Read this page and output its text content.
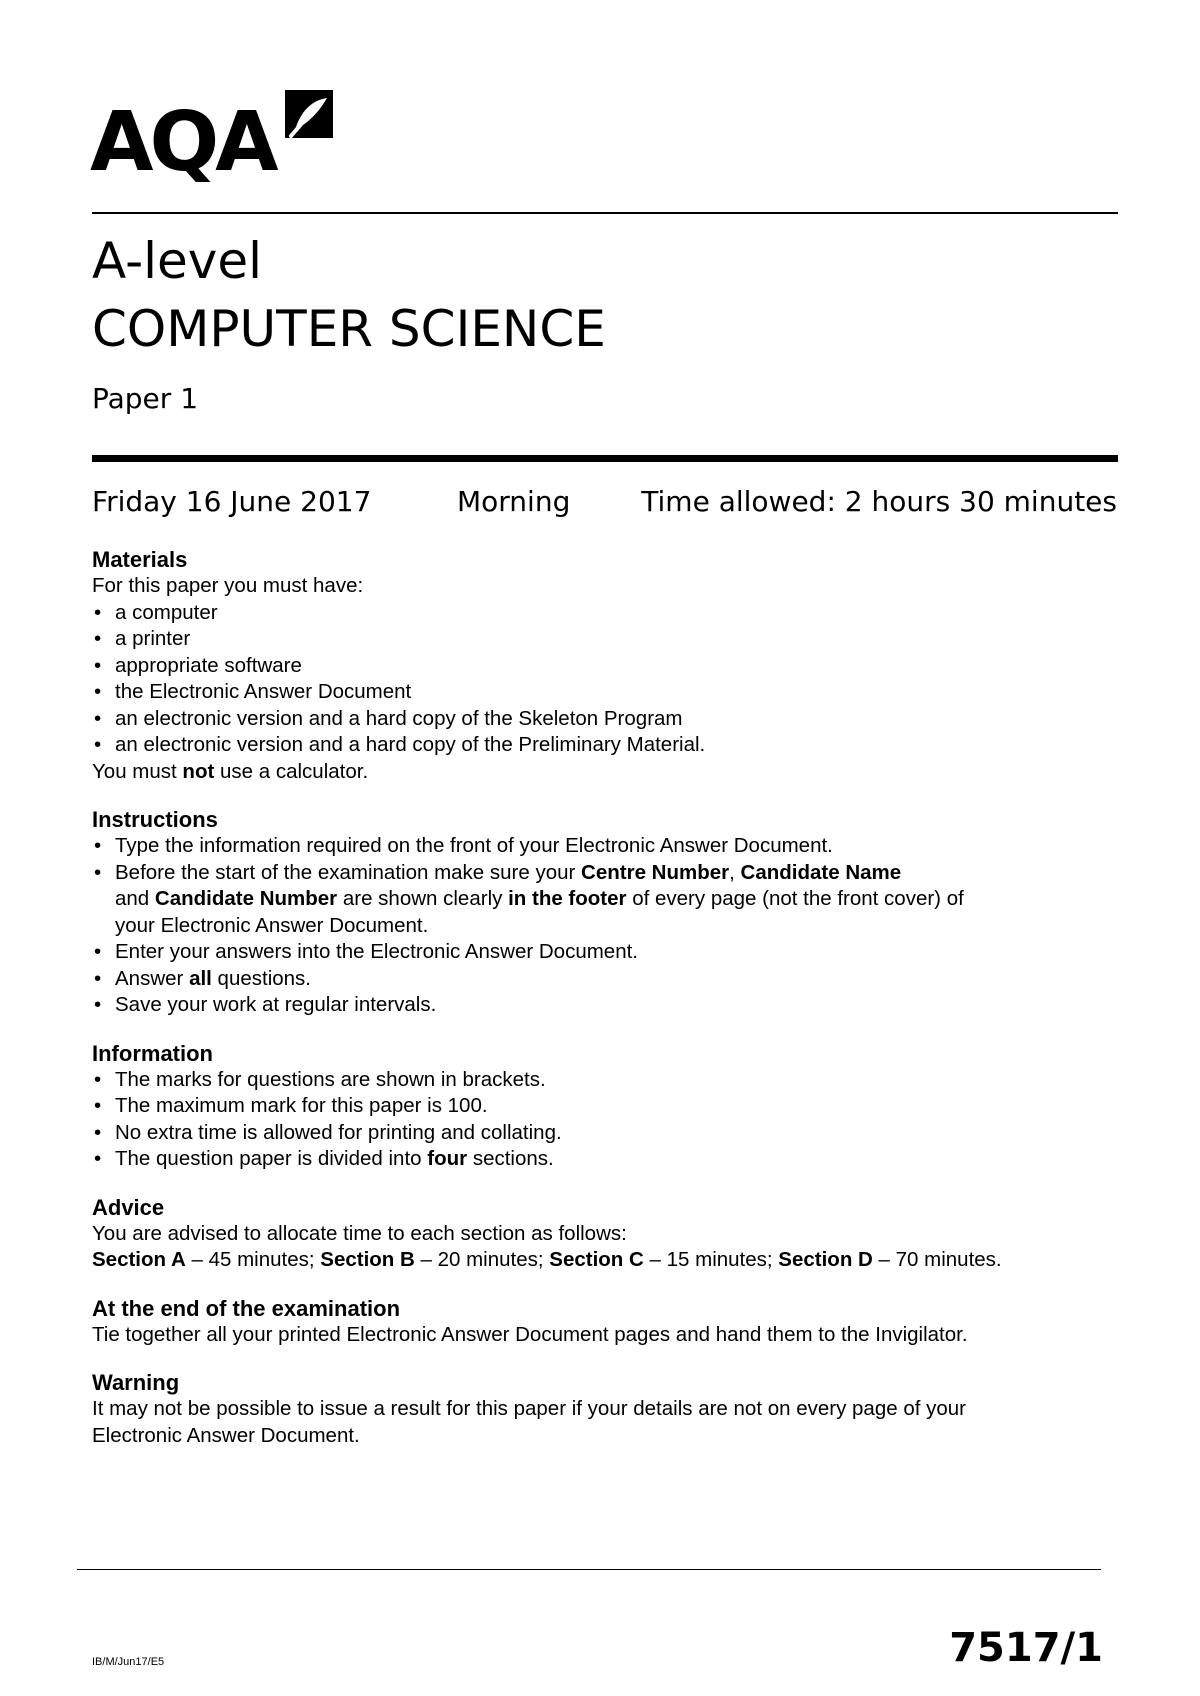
AQA
A-level
COMPUTER SCIENCE
Paper 1
Friday 16 June 2017	Morning	Time allowed: 2 hours 30 minutes
Materials
For this paper you must have:
• a computer
• a printer
• appropriate software
• the Electronic Answer Document
• an electronic version and a hard copy of the Skeleton Program
• an electronic version and a hard copy of the Preliminary Material.
You must not use a calculator.
Instructions
• Type the information required on the front of your Electronic Answer Document.
• Before the start of the examination make sure your Centre Number, Candidate Name
and Candidate Number are shown clearly in the footer of every page (not the front cover) of
your Electronic Answer Document.
• Enter your answers into the Electronic Answer Document.
• Answer all questions.
• Save your work at regular intervals.
Information
• The marks for questions are shown in brackets.
• The maximum mark for this paper is 100.
• No extra time is allowed for printing and collating.
• The question paper is divided into four sections.
Advice
You are advised to allocate time to each section as follows:
Section A – 45 minutes; Section B – 20 minutes; Section C – 15 minutes; Section D – 70 minutes.
At the end of the examination
Tie together all your printed Electronic Answer Document pages and hand them to the Invigilator.
Warning
It may not be possible to issue a result for this paper if your details are not on every page of your
Electronic Answer Document.
IB/M/Jun17/E5	7517/1
